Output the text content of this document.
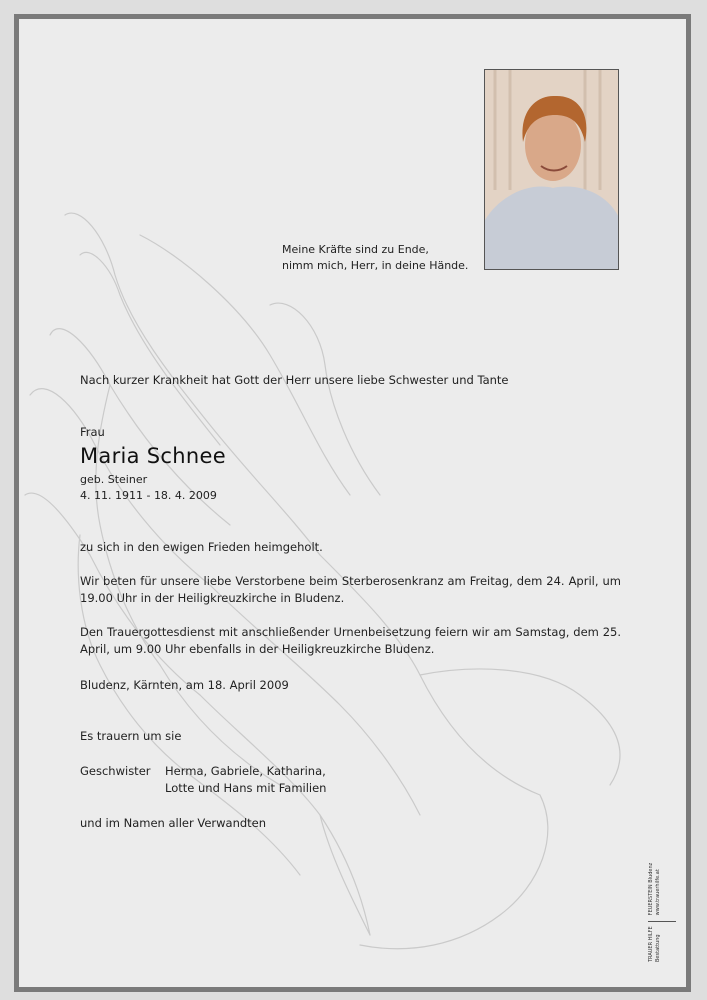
Meine Kräfte sind zu Ende,
nimm mich, Herr, in deine Hände.
Nach kurzer Krankheit hat Gott der Herr unsere liebe Schwester und Tante
Frau
Maria Schnee
geb. Steiner
4. 11. 1911 - 18. 4. 2009
zu sich in den ewigen Frieden heimgeholt.
Wir beten für unsere liebe Verstorbene beim Sterberosenkranz am Freitag, dem 24. April, um 19.00 Uhr in der Heiligkreuzkirche in Bludenz.
Den Trauergottesdienst mit anschließender Urnenbeisetzung feiern wir am Samstag, dem 25. April, um 9.00 Uhr ebenfalls in der Heiligkreuzkirche Bludenz.
Bludenz, Kärnten, am 18. April 2009
Es trauern um sie
Geschwister	Herma, Gabriele, Katharina,
Lotte und Hans mit Familien
und im Namen aller Verwandten
TRAUER HILFE Bestattung
FEUERSTEIN Bludenz www.trauerhilfe.at
